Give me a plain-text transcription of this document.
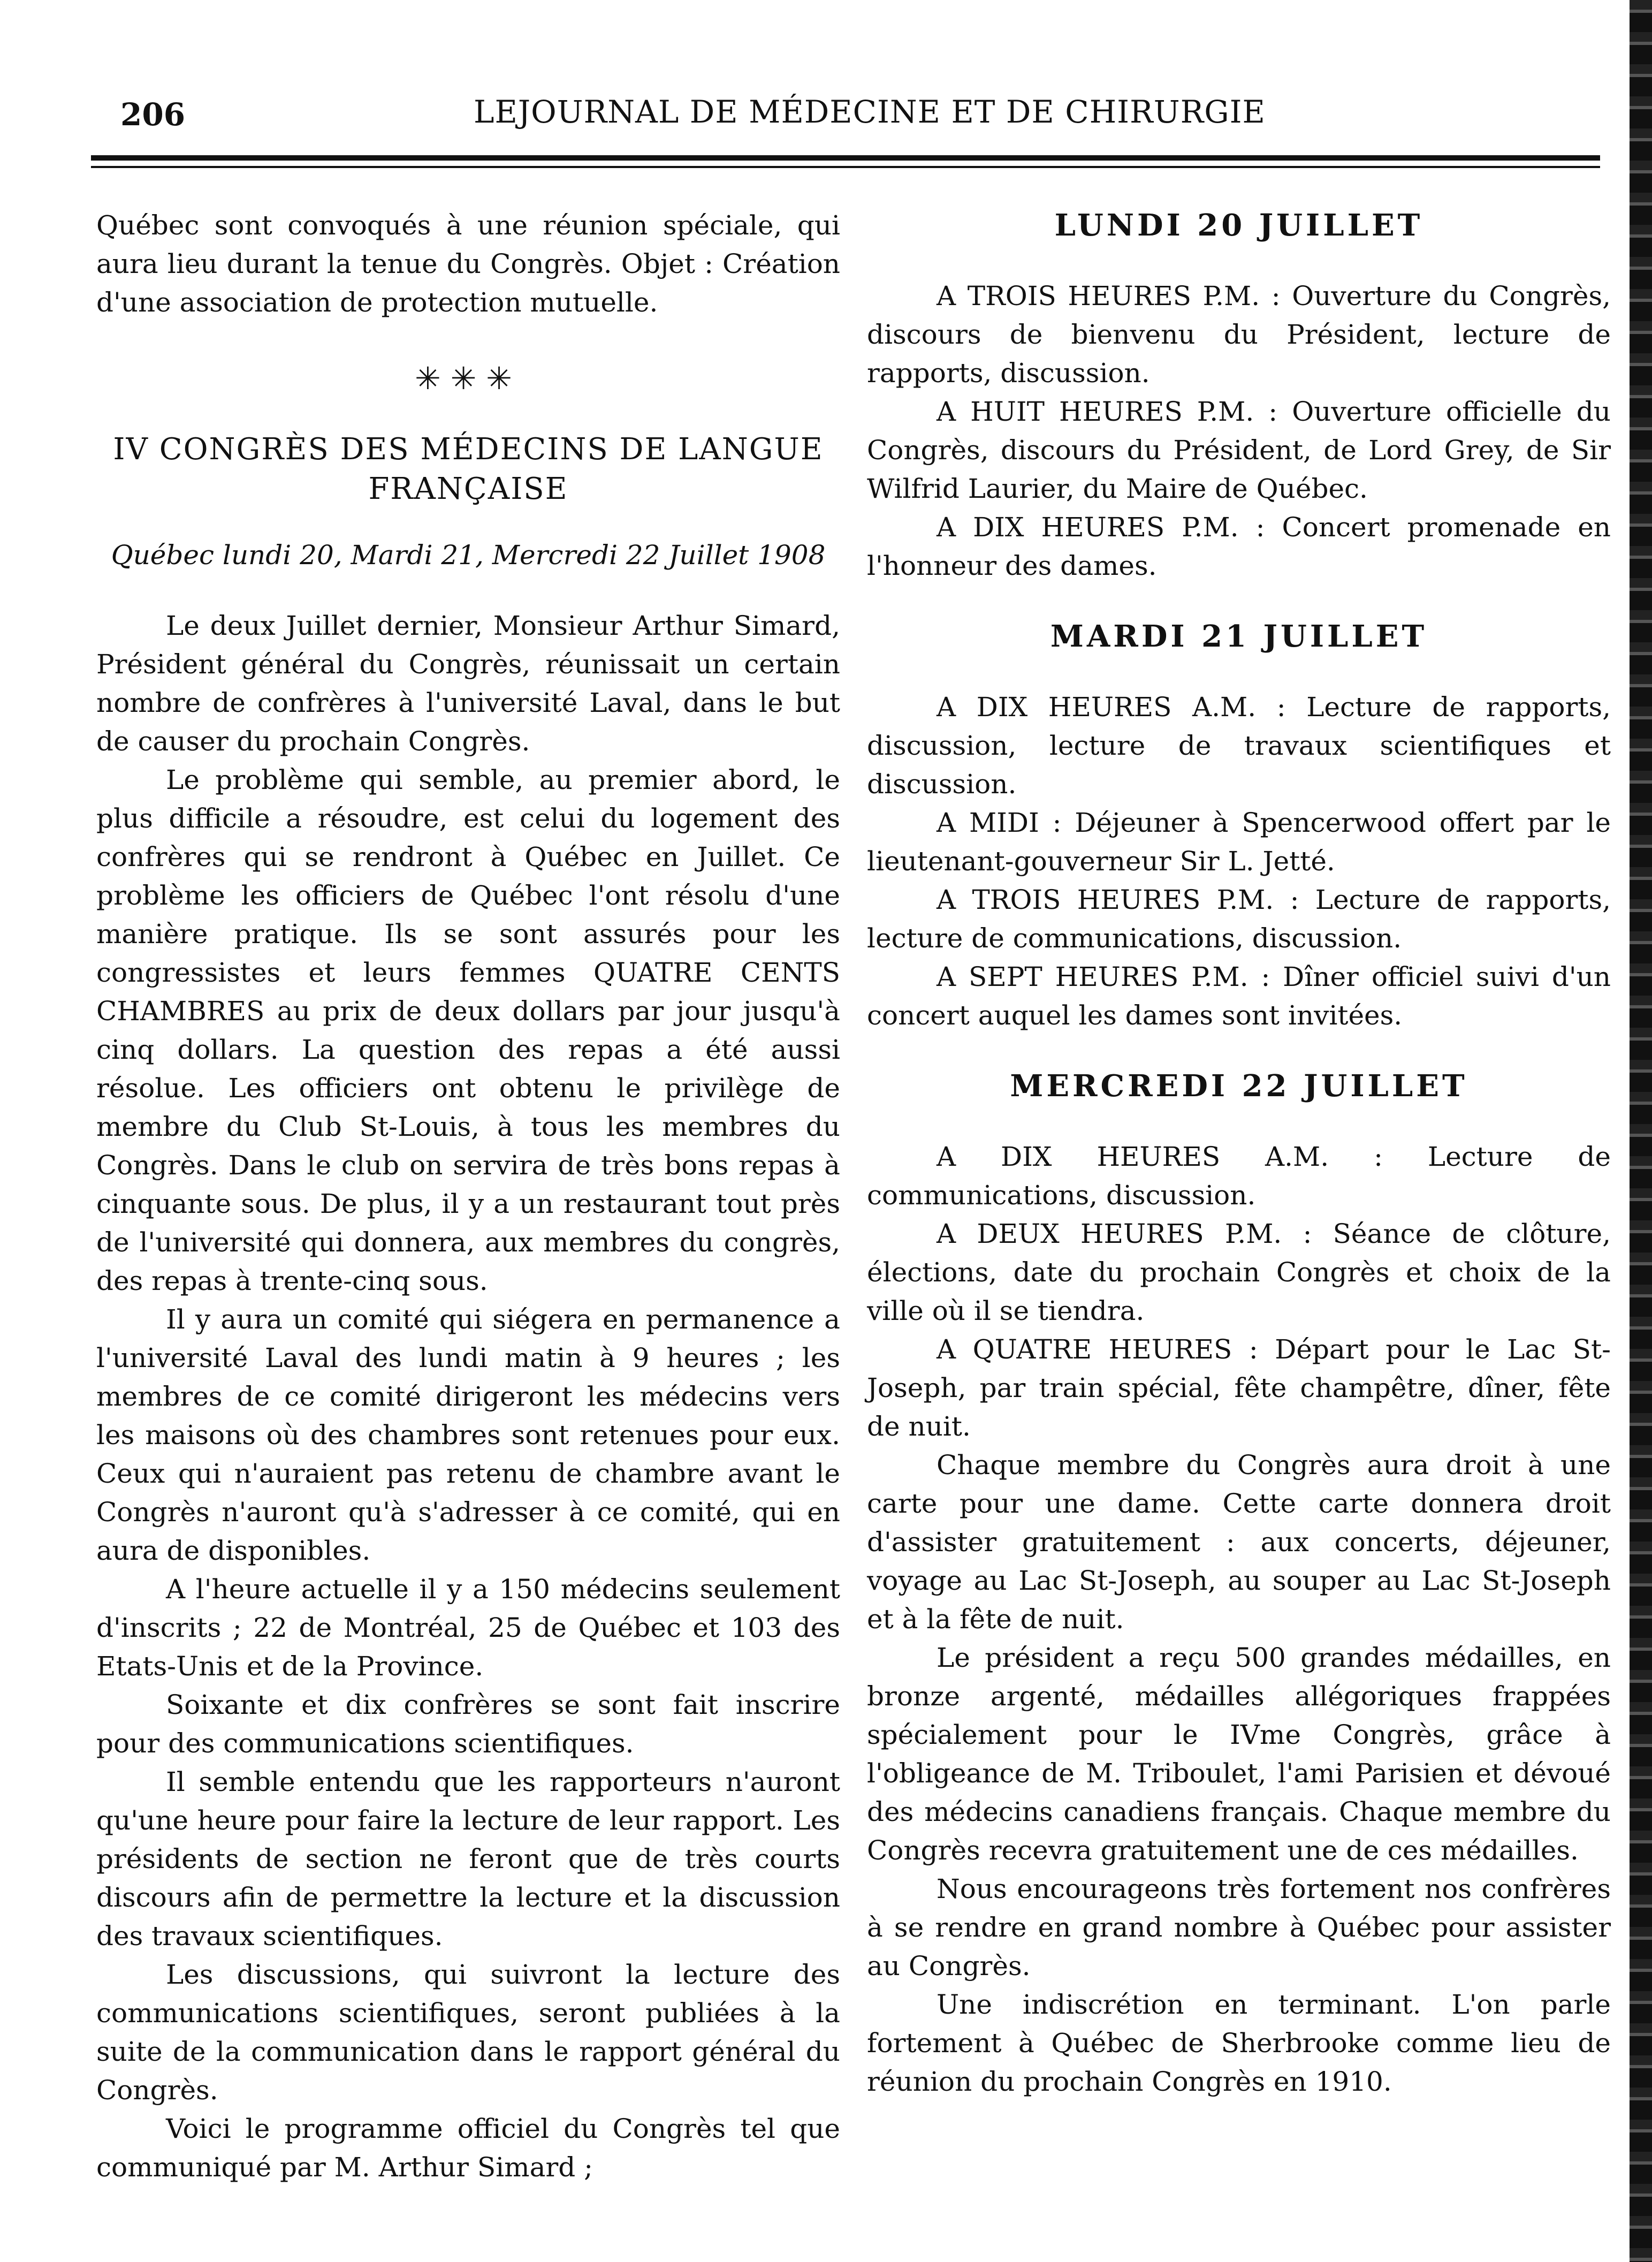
206	LEJOURNAL DE MÉDECINE ET DE CHIRURGIE

Québec sont convoqués à une réunion spéciale, qui aura lieu durant la tenue du Congrès. Objet : Création d'une association de protection mutuelle.

✳✳✳
IV CONGRÈS DES MÉDECINS DE LANGUE FRANÇAISE
Québec lundi 20, Mardi 21, Mercredi 22 Juillet 1908

Le deux Juillet dernier, Monsieur Arthur Simard, Président général du Congrès, réunissait un certain nombre de confrères à l'université Laval, dans le but de causer du prochain Congrès.

Le problème qui semble, au premier abord, le plus difficile a résoudre, est celui du logement des confrères qui se rendront à Québec en Juillet. Ce problème les officiers de Québec l'ont résolu d'une manière pratique. Ils se sont assurés pour les congressistes et leurs femmes QUATRE CENTS CHAMBRES au prix de deux dollars par jour jusqu'à cinq dollars. La question des repas a été aussi résolue. Les officiers ont obtenu le privilège de membre du Club St-Louis, à tous les membres du Congrès. Dans le club on servira de très bons repas à cinquante sous. De plus, il y a un restaurant tout près de l'université qui donnera, aux membres du congrès, des repas à trente-cinq sous.

Il y aura un comité qui siégera en permanence a l'université Laval des lundi matin à 9 heures ; les membres de ce comité dirigeront les médecins vers les maisons où des chambres sont retenues pour eux. Ceux qui n'auraient pas retenu de chambre avant le Congrès n'auront qu'à s'adresser à ce comité, qui en aura de disponibles.

A l'heure actuelle il y a 150 médecins seulement d'inscrits ; 22 de Montréal, 25 de Québec et 103 des Etats-Unis et de la Province.

Soixante et dix confrères se sont fait inscrire pour des communications scientifiques.

Il semble entendu que les rapporteurs n'auront qu'une heure pour faire la lecture de leur rapport. Les présidents de section ne feront que de très courts discours afin de permettre la lecture et la discussion des travaux scientifiques.

Les discussions, qui suivront la lecture des communications scientifiques, seront publiées à la suite de la communication dans le rapport général du Congrès.

Voici le programme officiel du Congrès tel que communiqué par M. Arthur Simard ;

LUNDI 20 JUILLET

A TROIS HEURES P.M. : Ouverture du Congrès, discours de bienvenu du Président, lecture de rapports, discussion.

A HUIT HEURES P.M. : Ouverture officielle du Congrès, discours du Président, de Lord Grey, de Sir Wilfrid Laurier, du Maire de Québec.

A DIX HEURES P.M. : Concert promenade en l'honneur des dames.

MARDI 21 JUILLET

A DIX HEURES A.M. : Lecture de rapports, discussion, lecture de travaux scientifiques et discussion.

A MIDI : Déjeuner à Spencerwood offert par le lieutenant-gouverneur Sir L. Jetté.

A TROIS HEURES P.M. : Lecture de rapports, lecture de communications, discussion.

A SEPT HEURES P.M. : Dîner officiel suivi d'un concert auquel les dames sont invitées.

MERCREDI 22 JUILLET

A DIX HEURES A.M. : Lecture de communications, discussion.

A DEUX HEURES P.M. : Séance de clôture, élections, date du prochain Congrès et choix de la ville où il se tiendra.

A QUATRE HEURES : Départ pour le Lac St-Joseph, par train spécial, fête champêtre, dîner, fête de nuit.

Chaque membre du Congrès aura droit à une carte pour une dame. Cette carte donnera droit d'assister gratuitement : aux concerts, déjeuner, voyage au Lac St-Joseph, au souper au Lac St-Joseph et à la fête de nuit.

Le président a reçu 500 grandes médailles, en bronze argenté, médailles allégoriques frappées spécialement pour le IVme Congrès, grâce à l'obligeance de M. Triboulet, l'ami Parisien et dévoué des médecins canadiens français. Chaque membre du Congrès recevra gratuitement une de ces médailles.

Nous encourageons très fortement nos confrères à se rendre en grand nombre à Québec pour assister au Congrès.

Une indiscrétion en terminant. L'on parle fortement à Québec de Sherbrooke comme lieu de réunion du prochain Congrès en 1910.
